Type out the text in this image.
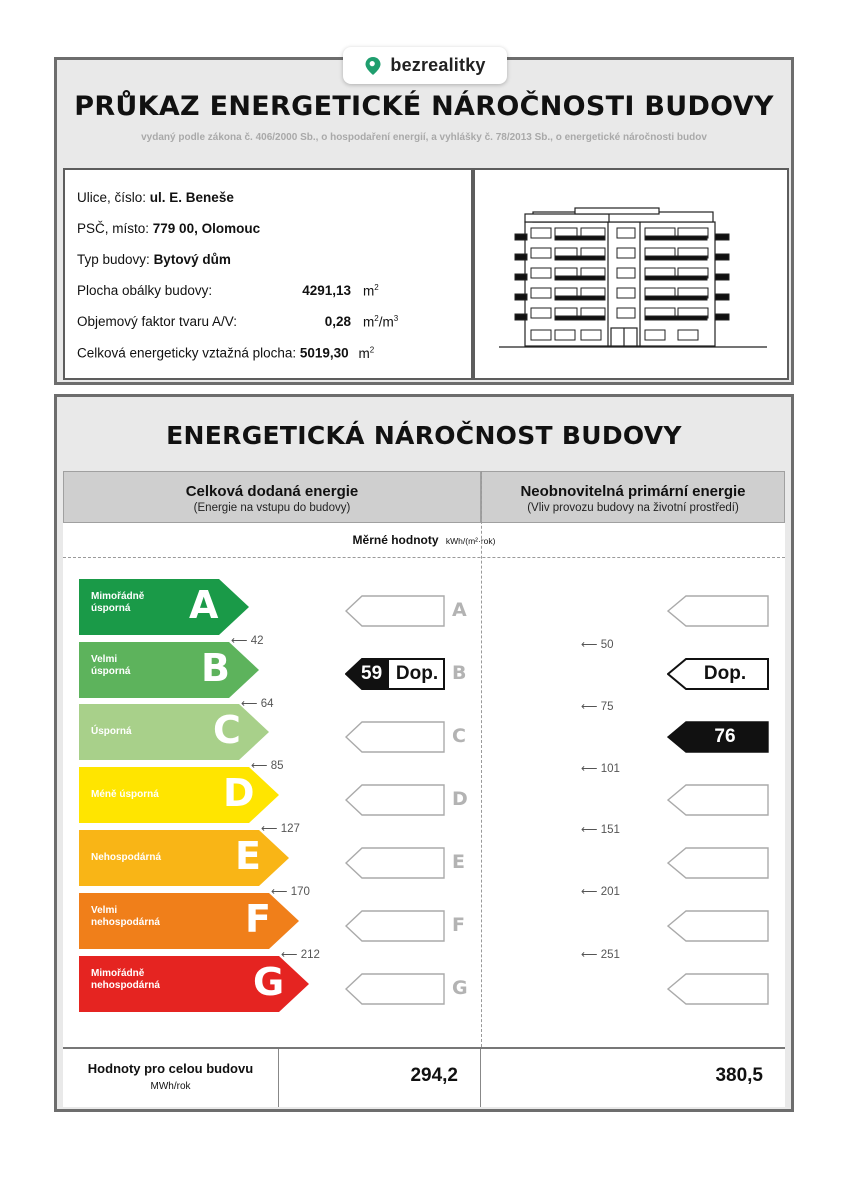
bezrealitky
PRŮKAZ ENERGETICKÉ NÁROČNOSTI BUDOVY
vydaný podle zákona č. 406/2000 Sb., o hospodaření energií, a vyhlášky č. 78/2013 Sb., o energetické náročnosti budov
Ulice, číslo: ul. E. Beneše
PSČ, místo: 779 00, Olomouc
Typ budovy: Bytový dům
Plocha obálky budovy:	4291,13 $m^2$
Objemový faktor tvaru A/V:	0,28 $m^2/m^3$
Celková energeticky vztažná plocha: 5019,30 $m^2$
ENERGETICKÁ NÁROČNOST BUDOVY
Celková dodaná energie
(Energie na vstupu do budovy)
Neobnovitelná primární energie
(Vliv provozu budovy na životní prostředí)
Měrné hodnoty kWh/(m²·rok)
Mimořádně
úsporná	A
Velmi
úsporná B
Úsporná C
Méně úsporná D
Nehospodárná E
Velmi
nehospodárná F
Mimořádně
nehospodárná G
⟵ 42
⟵ 64
⟵ 85
⟵ 127
⟵ 170
⟵ 212
A
59 Dop. B
C
D
E
F
G
⟵ 50
⟵ 75
⟵ 101
⟵ 151
⟵ 201
⟵ 251
Dop.
76
Hodnoty pro celou budovu
MWh/rok
294,2	380,5
